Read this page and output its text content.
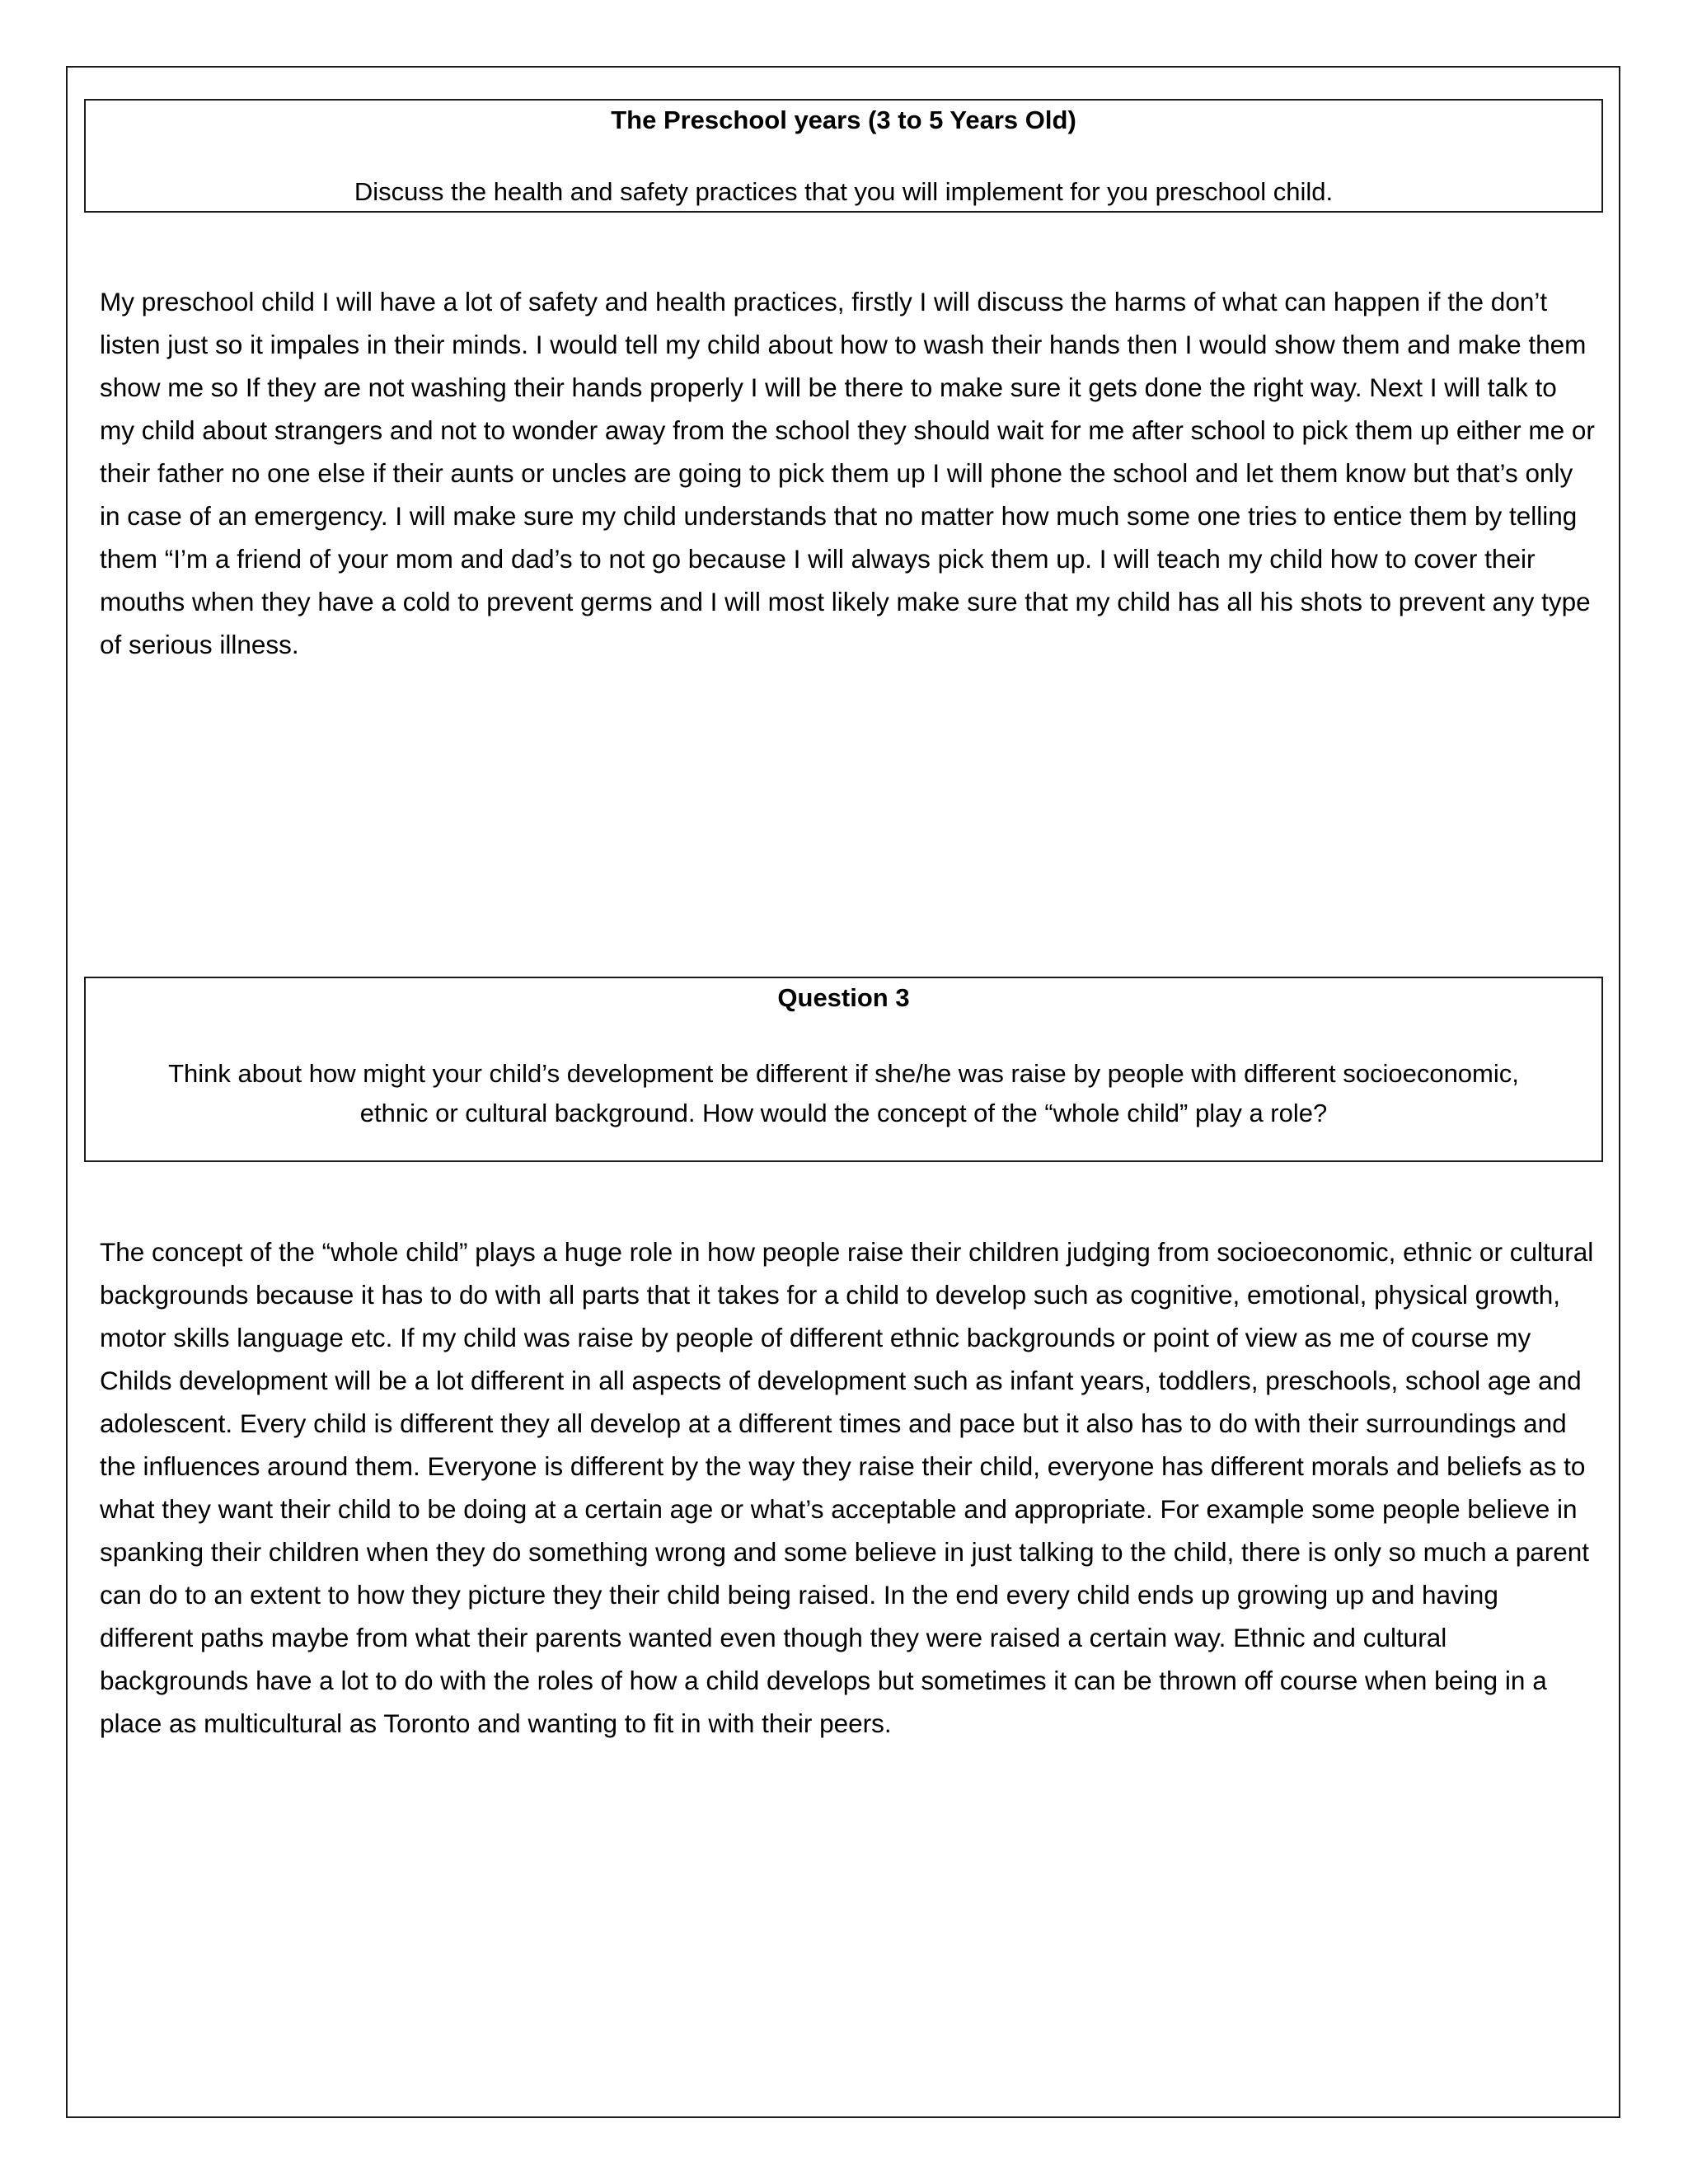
The Preschool years (3 to 5 Years Old)
Discuss the health and safety practices that you will implement for you preschool child.

My preschool child I will have a lot of safety and health practices, firstly I will discuss the harms of what can happen if the don’t listen just so it impales in their minds. I would tell my child about how to wash their hands then I would show them and make them show me so If they are not washing their hands properly I will be there to make sure it gets done the right way. Next I will talk to my child about strangers and not to wonder away from the school they should wait for me after school to pick them up either me or their father no one else if their aunts or uncles are going to pick them up I will phone the school and let them know but that’s only in case of an emergency. I will make sure my child understands that no matter how much some one tries to entice them by telling them “I’m a friend of your mom and dad’s to not go because I will always pick them up. I will teach my child how to cover their mouths when they have a cold to prevent germs and I will most likely make sure that my child has all his shots to prevent any type of serious illness.

Question 3
Think about how might your child’s development be different if she/he was raise by people with different socioeconomic, ethnic or cultural background. How would the concept of the “whole child” play a role?

The concept of the “whole child” plays a huge role in how people raise their children judging from socioeconomic, ethnic or cultural backgrounds because it has to do with all parts that it takes for a child to develop such as cognitive, emotional, physical growth, motor skills language etc. If my child was raise by people of different ethnic backgrounds or point of view as me of course my Childs development will be a lot different in all aspects of development such as infant years, toddlers, preschools, school age and adolescent. Every child is different they all develop at a different times and pace but it also has to do with their surroundings and the influences around them. Everyone is different by the way they raise their child, everyone has different morals and beliefs as to what they want their child to be doing at a certain age or what’s acceptable and appropriate. For example some people believe in spanking their children when they do something wrong and some believe in just talking to the child, there is only so much a parent can do to an extent to how they picture they their child being raised. In the end every child ends up growing up and having different paths maybe from what their parents wanted even though they were raised a certain way. Ethnic and cultural backgrounds have a lot to do with the roles of how a child develops but sometimes it can be thrown off course when being in a place as multicultural as Toronto and wanting to fit in with their peers.
